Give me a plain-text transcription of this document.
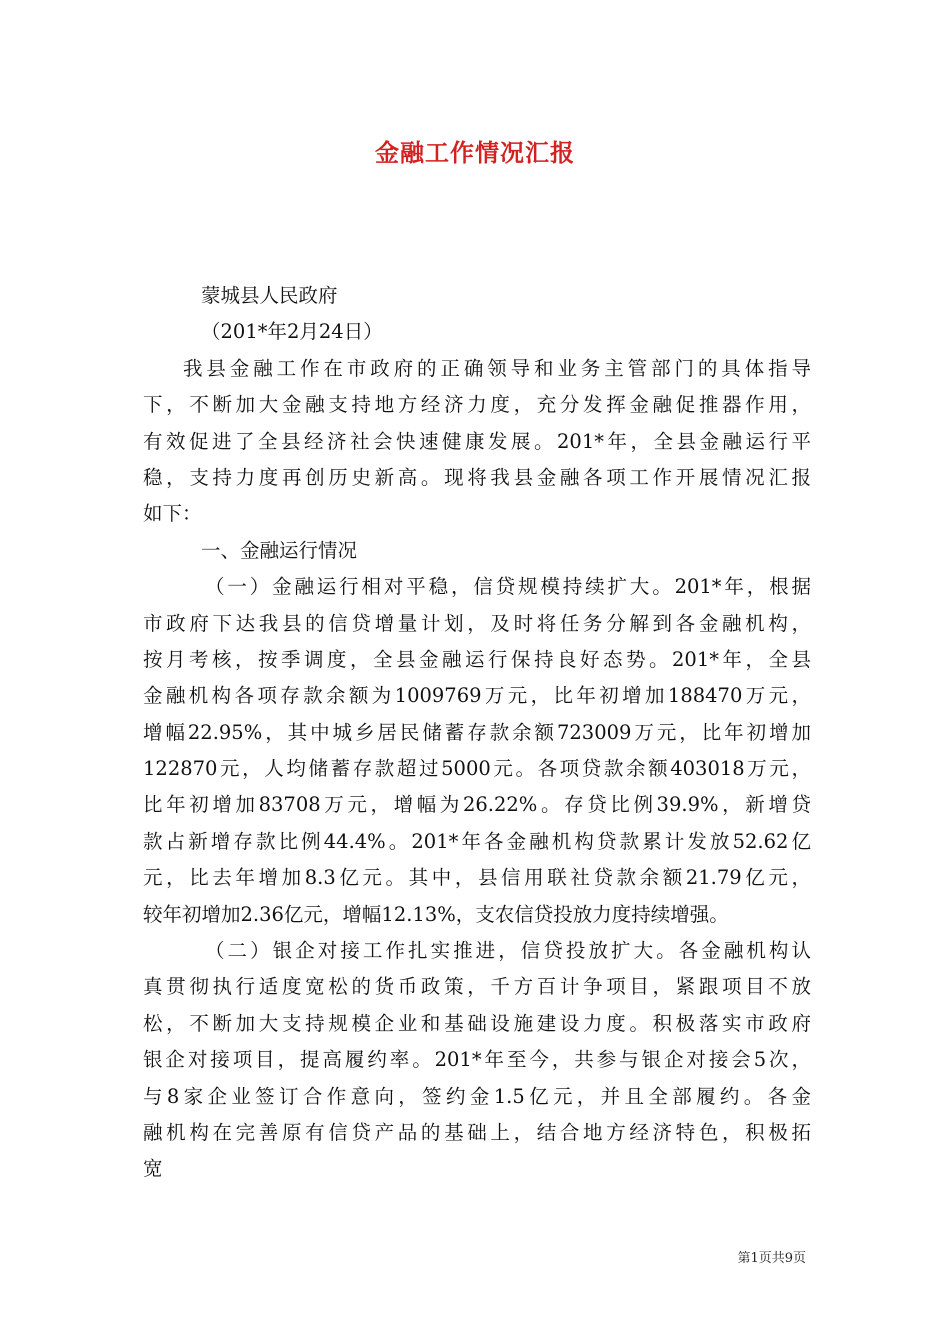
金融工作情况汇报
蒙城县人民政府
（201*年2月24日）
我县金融工作在市政府的正确领导和业务主管部门的具体指导
下，不断加大金融支持地方经济力度，充分发挥金融促推器作用，
有效促进了全县经济社会快速健康发展。201*年，全县金融运行平
稳，支持力度再创历史新高。现将我县金融各项工作开展情况汇报
如下：
一、金融运行情况
（一）金融运行相对平稳，信贷规模持续扩大。201*年，根据
市政府下达我县的信贷增量计划，及时将任务分解到各金融机构，
按月考核，按季调度，全县金融运行保持良好态势。201*年，全县
金融机构各项存款余额为1009769万元，比年初增加188470万元，
增幅22.95%，其中城乡居民储蓄存款余额723009万元，比年初增加
122870元，人均储蓄存款超过5000元。各项贷款余额403018万元，
比年初增加83708万元，增幅为26.22%。存贷比例39.9%，新增贷
款占新增存款比例44.4%。201*年各金融机构贷款累计发放52.62亿
元，比去年增加8.3亿元。其中，县信用联社贷款余额21.79亿元，
较年初增加2.36亿元，增幅12.13%，支农信贷投放力度持续增强。
（二）银企对接工作扎实推进，信贷投放扩大。各金融机构认
真贯彻执行适度宽松的货币政策，千方百计争项目，紧跟项目不放
松，不断加大支持规模企业和基础设施建设力度。积极落实市政府
银企对接项目，提高履约率。201*年至今，共参与银企对接会5次，
与8家企业签订合作意向，签约金1.5亿元，并且全部履约。各金
融机构在完善原有信贷产品的基础上，结合地方经济特色，积极拓
宽
第1页共9页
